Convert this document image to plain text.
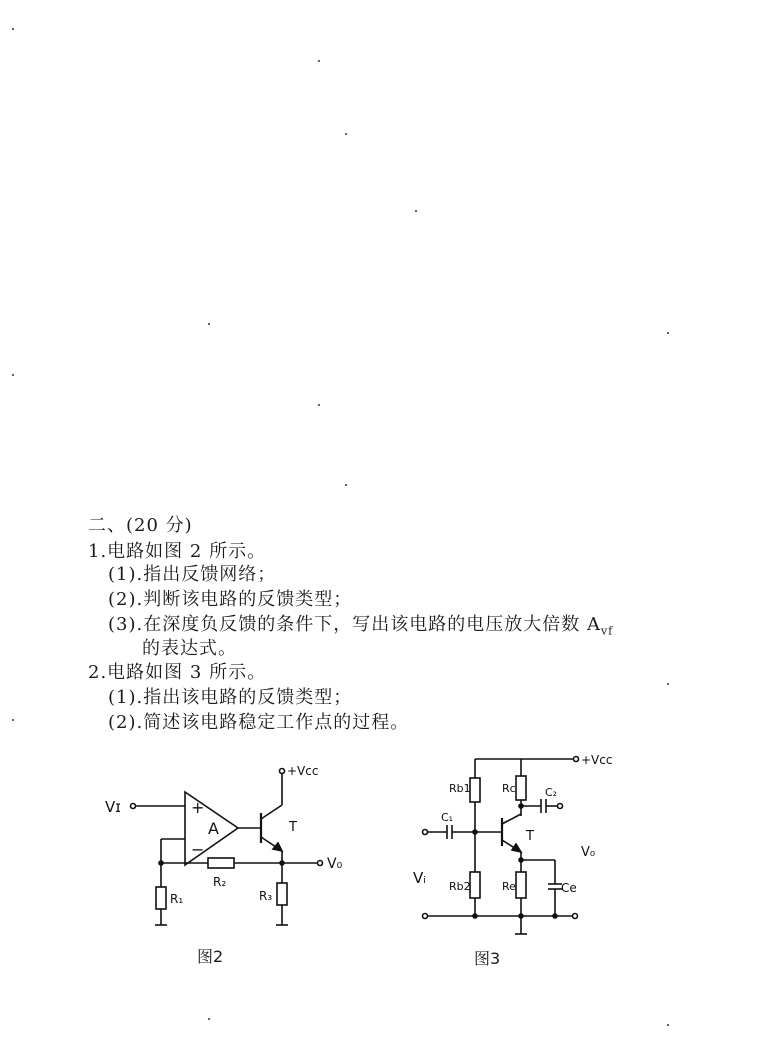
二、(20 分)
1.电路如图 2 所示。
(1).指出反馈网络；
(2).判断该电路的反馈类型；
(3).在深度负反馈的条件下，写出该电路的电压放大倍数 $A_{vf}$
的表达式。
2.电路如图 3 所示。
(1).指出该电路的反馈类型；
(2).简述该电路稳定工作点的过程。
Vɪ
+Vcc
+
−
A	T
R₂
R₁	R₃
V₀
图2
+Vcc
Rb1	Rc	C₂
C₁
T
V₀
Vᵢ Rb2	Re	Ce
图3
